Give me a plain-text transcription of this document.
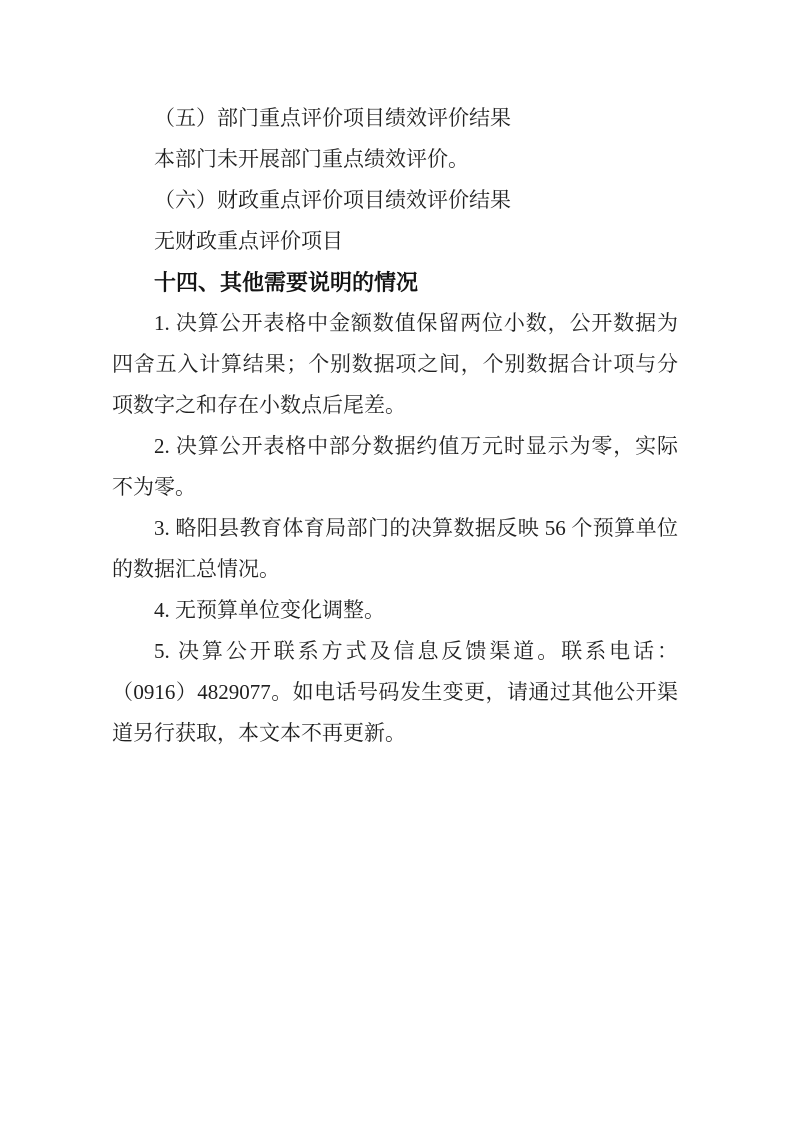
（五）部门重点评价项目绩效评价结果

本部门未开展部门重点绩效评价。

（六）财政重点评价项目绩效评价结果

无财政重点评价项目

十四、其他需要说明的情况

1. 决算公开表格中金额数值保留两位小数，公开数据为四舍五入计算结果；个别数据项之间，个别数据合计项与分项数字之和存在小数点后尾差。

2. 决算公开表格中部分数据约值万元时显示为零，实际不为零。

3. 略阳县教育体育局部门的决算数据反映 56 个预算单位的数据汇总情况。

4. 无预算单位变化调整。

5. 决算公开联系方式及信息反馈渠道。联系电话：（0916）4829077。如电话号码发生变更，请通过其他公开渠道另行获取，本文本不再更新。
